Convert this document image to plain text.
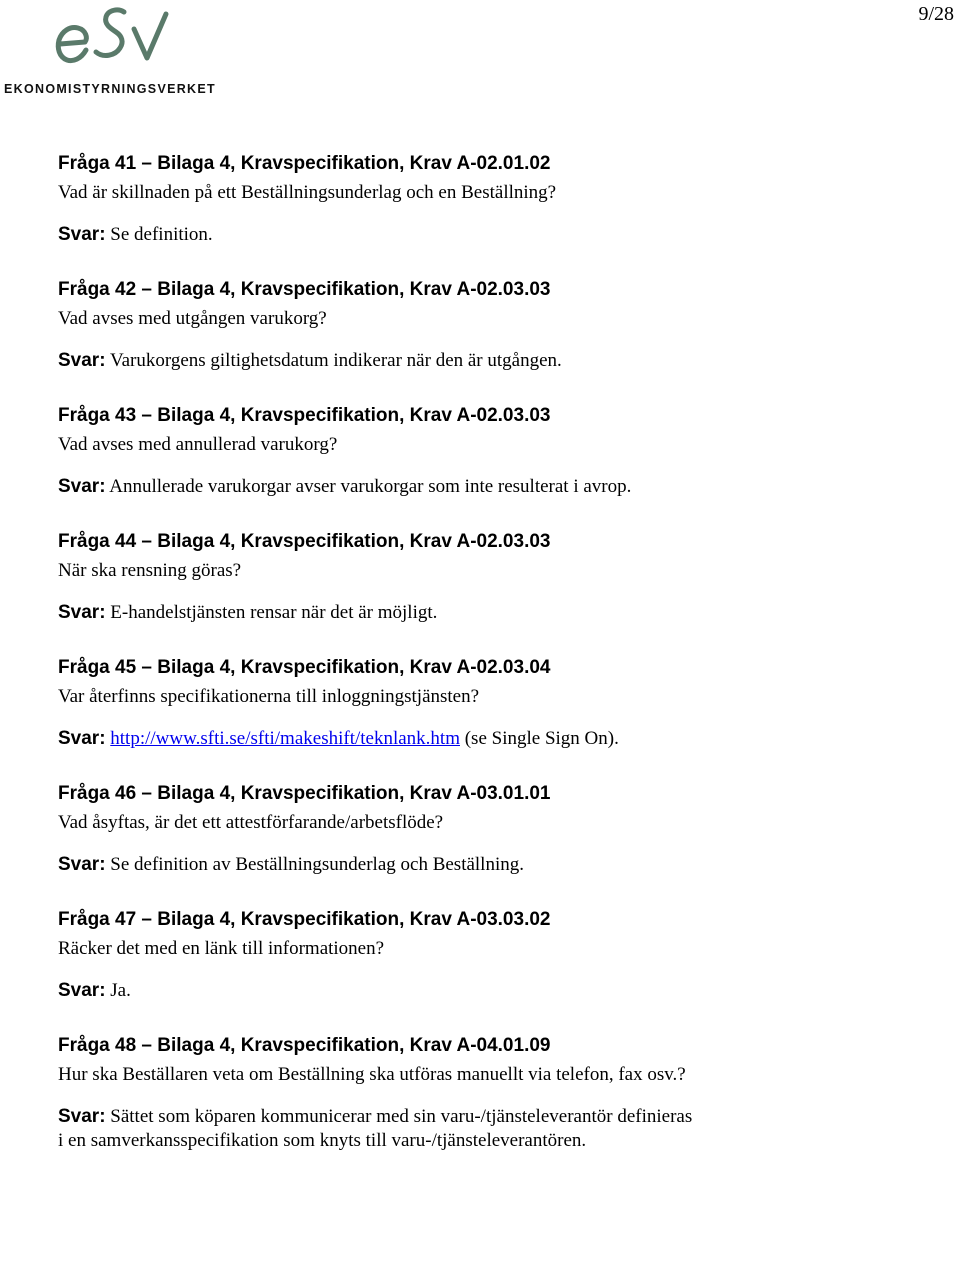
9/28
EKONOMISTYRNINGSVERKET
Fråga 41 – Bilaga 4, Kravspecifikation, Krav A-02.01.02
Vad är skillnaden på ett Beställningsunderlag och en Beställning?
Svar: Se definition.
Fråga 42 – Bilaga 4, Kravspecifikation, Krav A-02.03.03
Vad avses med utgången varukorg?
Svar: Varukorgens giltighetsdatum indikerar när den är utgången.
Fråga 43 – Bilaga 4, Kravspecifikation, Krav A-02.03.03
Vad avses med annullerad varukorg?
Svar: Annullerade varukorgar avser varukorgar som inte resulterat i avrop.
Fråga 44 – Bilaga 4, Kravspecifikation, Krav A-02.03.03
När ska rensning göras?
Svar: E-handelstjänsten rensar när det är möjligt.
Fråga 45 – Bilaga 4, Kravspecifikation, Krav A-02.03.04
Var återfinns specifikationerna till inloggningstjänsten?
Svar: http://www.sfti.se/sfti/makeshift/teknlank.htm (se Single Sign On).
Fråga 46 – Bilaga 4, Kravspecifikation, Krav A-03.01.01
Vad åsyftas, är det ett attestförfarande/arbetsflöde?
Svar: Se definition av Beställningsunderlag och Beställning.
Fråga 47 – Bilaga 4, Kravspecifikation, Krav A-03.03.02
Räcker det med en länk till informationen?
Svar: Ja.
Fråga 48 – Bilaga 4, Kravspecifikation, Krav A-04.01.09
Hur ska Beställaren veta om Beställning ska utföras manuellt via telefon, fax osv.?
Svar: Sättet som köparen kommunicerar med sin varu-/tjänsteleverantör definieras
i en samverkansspecifikation som knyts till varu-/tjänsteleverantören.
